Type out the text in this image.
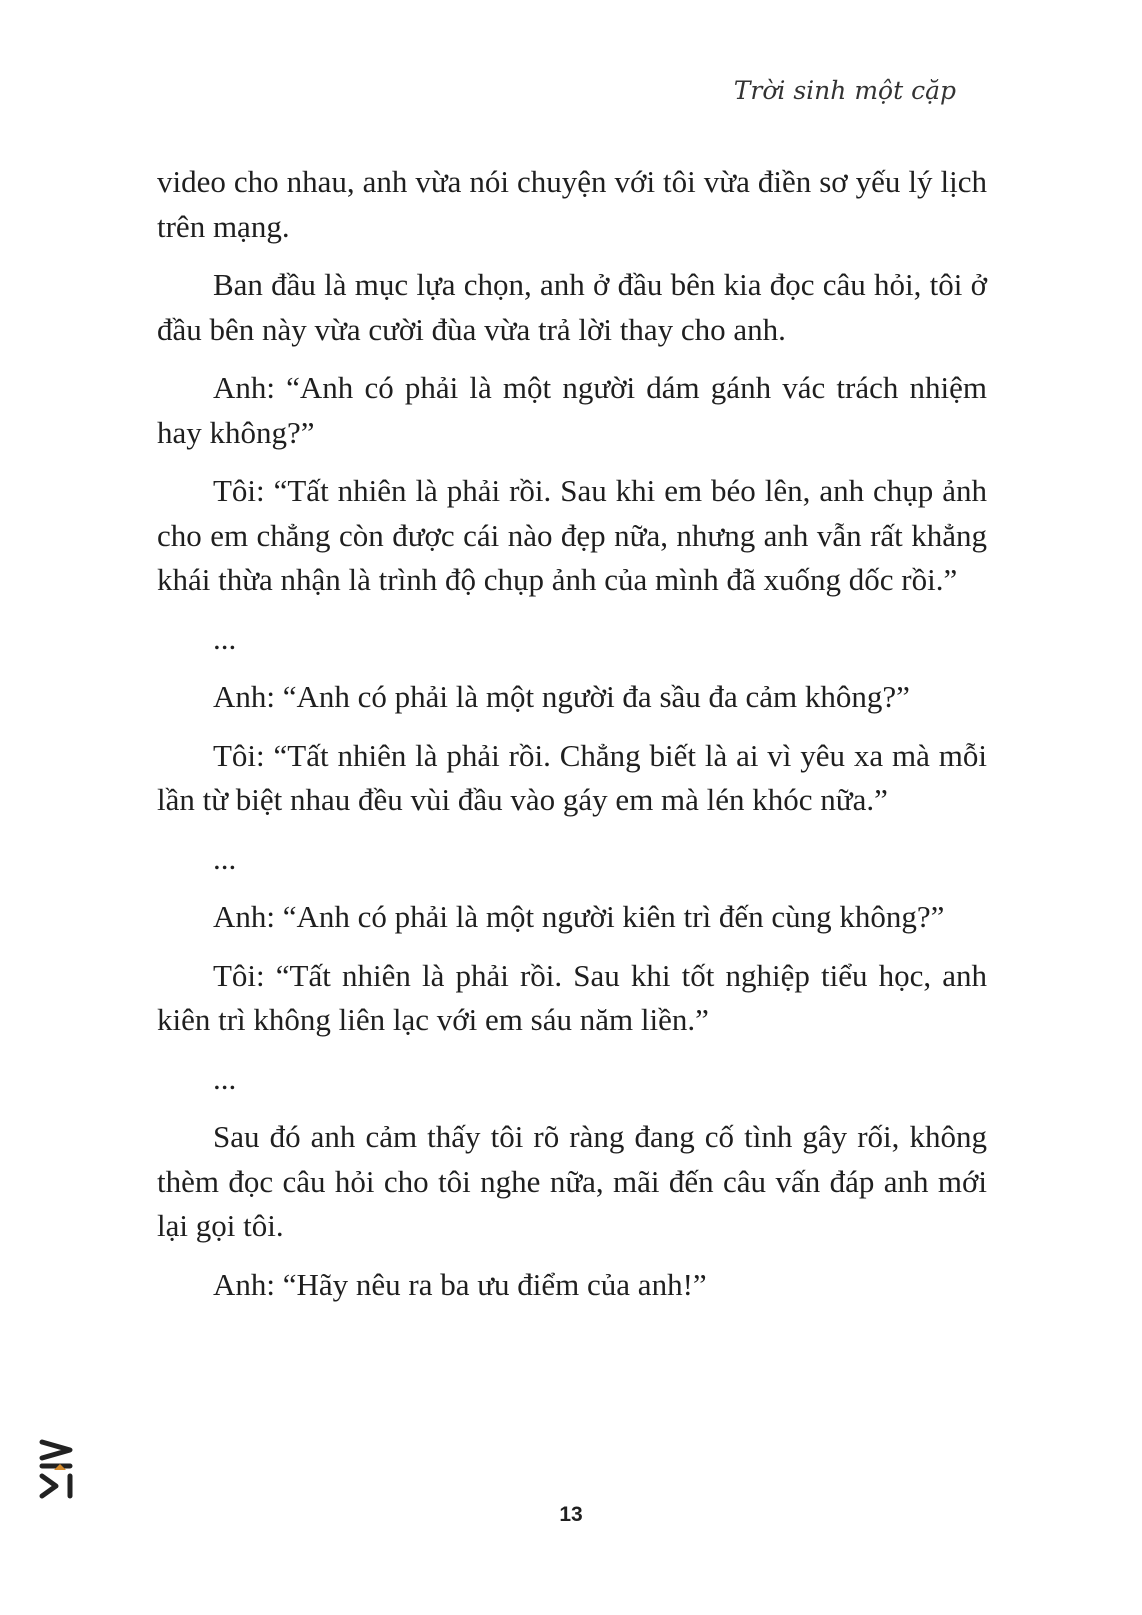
Trời sinh một cặp

video cho nhau, anh vừa nói chuyện với tôi vừa điền sơ yếu lý lịch trên mạng.

Ban đầu là mục lựa chọn, anh ở đầu bên kia đọc câu hỏi, tôi ở đầu bên này vừa cười đùa vừa trả lời thay cho anh.

Anh: “Anh có phải là một người dám gánh vác trách nhiệm hay không?”

Tôi: “Tất nhiên là phải rồi. Sau khi em béo lên, anh chụp ảnh cho em chẳng còn được cái nào đẹp nữa, nhưng anh vẫn rất khẳng khái thừa nhận là trình độ chụp ảnh của mình đã xuống dốc rồi.”

...

Anh: “Anh có phải là một người đa sầu đa cảm không?”

Tôi: “Tất nhiên là phải rồi. Chẳng biết là ai vì yêu xa mà mỗi lần từ biệt nhau đều vùi đầu vào gáy em mà lén khóc nữa.”

...

Anh: “Anh có phải là một người kiên trì đến cùng không?”

Tôi: “Tất nhiên là phải rồi. Sau khi tốt nghiệp tiểu học, anh kiên trì không liên lạc với em sáu năm liền.”

...

Sau đó anh cảm thấy tôi rõ ràng đang cố tình gây rối, không thèm đọc câu hỏi cho tôi nghe nữa, mãi đến câu vấn đáp anh mới lại gọi tôi.

Anh: “Hãy nêu ra ba ưu điểm của anh!”

13
